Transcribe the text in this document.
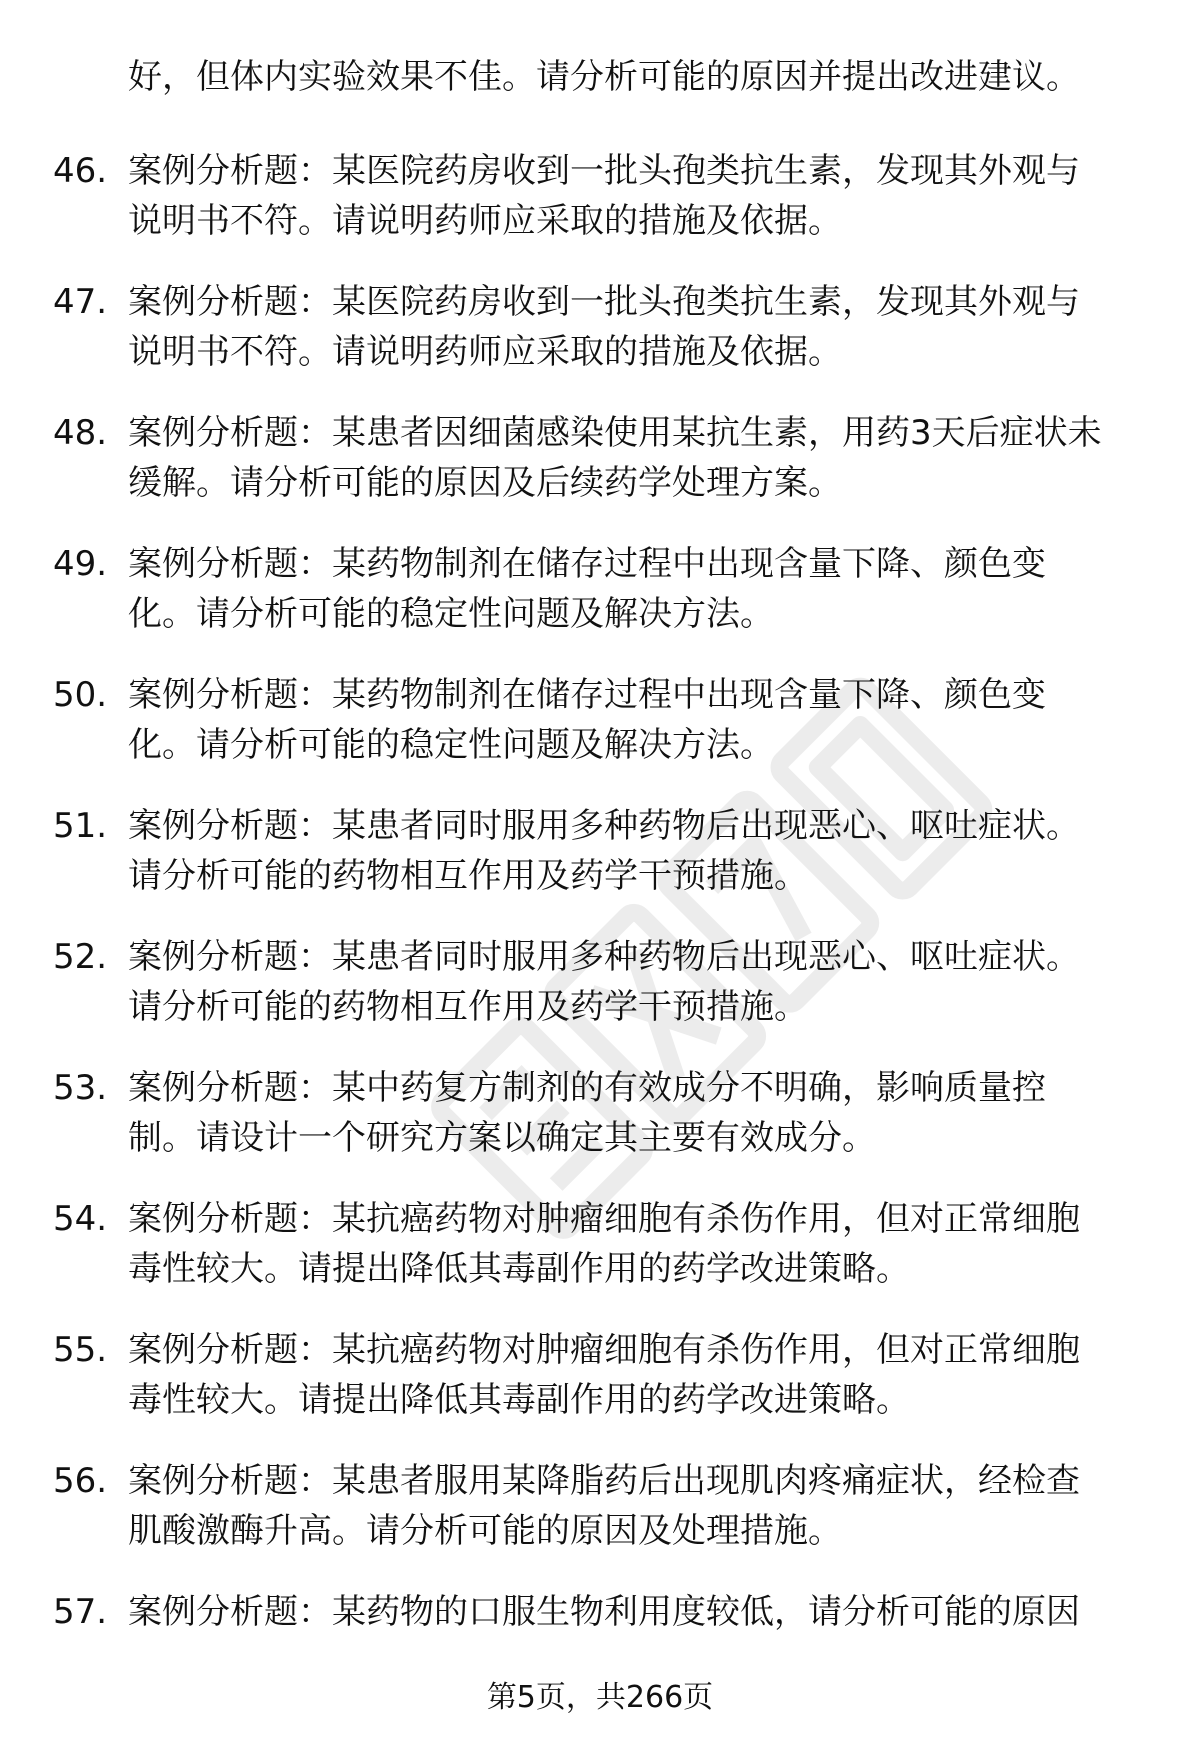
好，但体内实验效果不佳。请分析可能的原因并提出改进建议。
46. 案例分析题：某医院药房收到一批头孢类抗生素，发现其外观与
说明书不符。请说明药师应采取的措施及依据。
47. 案例分析题：某医院药房收到一批头孢类抗生素，发现其外观与
说明书不符。请说明药师应采取的措施及依据。
48. 案例分析题：某患者因细菌感染使用某抗生素，用药3天后症状未
缓解。请分析可能的原因及后续药学处理方案。
49. 案例分析题：某药物制剂在储存过程中出现含量下降、颜色变
化。请分析可能的稳定性问题及解决方法。
50. 案例分析题：某药物制剂在储存过程中出现含量下降、颜色变
化。请分析可能的稳定性问题及解决方法。
51. 案例分析题：某患者同时服用多种药物后出现恶心、呕吐症状。
请分析可能的药物相互作用及药学干预措施。
52. 案例分析题：某患者同时服用多种药物后出现恶心、呕吐症状。
请分析可能的药物相互作用及药学干预措施。
53. 案例分析题：某中药复方制剂的有效成分不明确，影响质量控
制。请设计一个研究方案以确定其主要有效成分。
54. 案例分析题：某抗癌药物对肿瘤细胞有杀伤作用，但对正常细胞
毒性较大。请提出降低其毒副作用的药学改进策略。
55. 案例分析题：某抗癌药物对肿瘤细胞有杀伤作用，但对正常细胞
毒性较大。请提出降低其毒副作用的药学改进策略。
56. 案例分析题：某患者服用某降脂药后出现肌肉疼痛症状，经检查
肌酸激酶升高。请分析可能的原因及处理措施。
57. 案例分析题：某药物的口服生物利用度较低，请分析可能的原因
第5页，共266页
